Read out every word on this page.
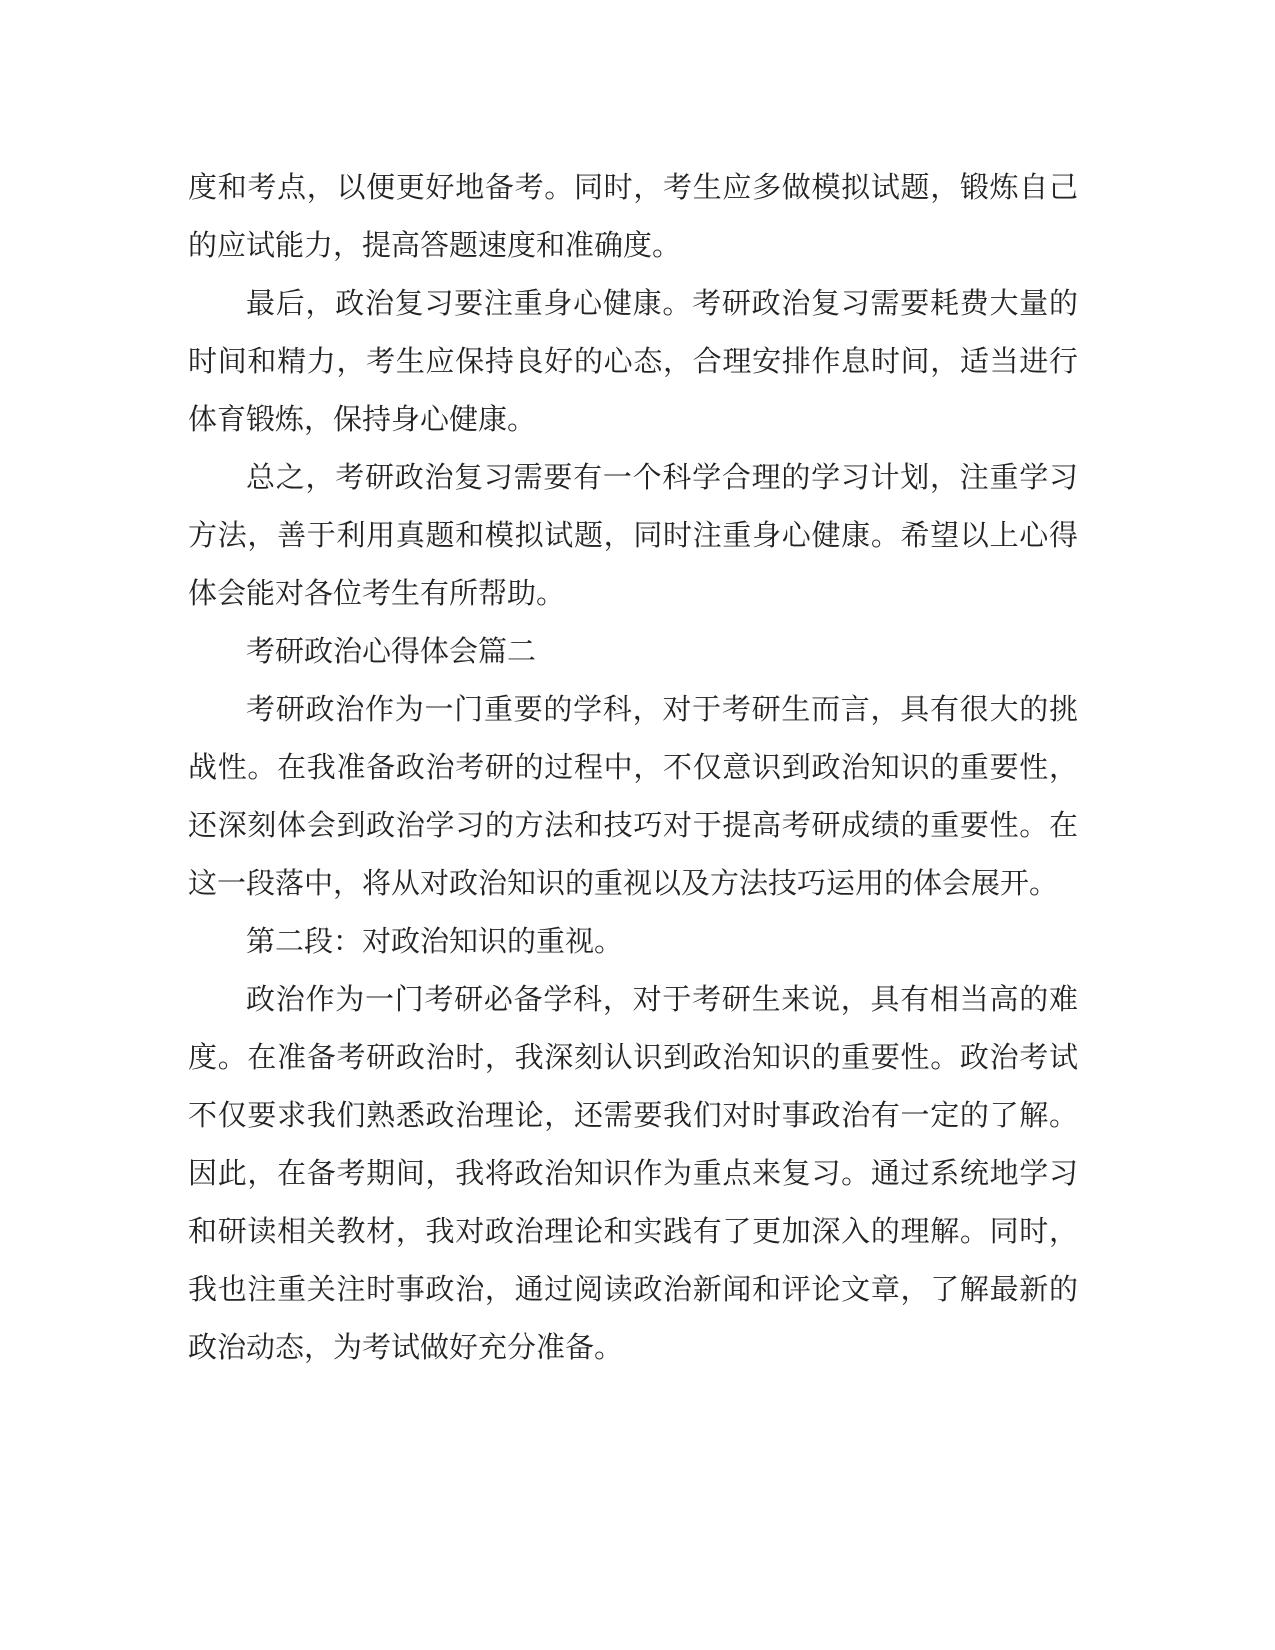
度和考点，以便更好地备考。同时，考生应多做模拟试题，锻炼自己的应试能力，提高答题速度和准确度。

最后，政治复习要注重身心健康。考研政治复习需要耗费大量的时间和精力，考生应保持良好的心态，合理安排作息时间，适当进行体育锻炼，保持身心健康。

总之，考研政治复习需要有一个科学合理的学习计划，注重学习方法，善于利用真题和模拟试题，同时注重身心健康。希望以上心得体会能对各位考生有所帮助。

考研政治心得体会篇二

考研政治作为一门重要的学科，对于考研生而言，具有很大的挑战性。在我准备政治考研的过程中，不仅意识到政治知识的重要性，还深刻体会到政治学习的方法和技巧对于提高考研成绩的重要性。在这一段落中，将从对政治知识的重视以及方法技巧运用的体会展开。

第二段：对政治知识的重视。

政治作为一门考研必备学科，对于考研生来说，具有相当高的难度。在准备考研政治时，我深刻认识到政治知识的重要性。政治考试不仅要求我们熟悉政治理论，还需要我们对时事政治有一定的了解。因此，在备考期间，我将政治知识作为重点来复习。通过系统地学习和研读相关教材，我对政治理论和实践有了更加深入的理解。同时，我也注重关注时事政治，通过阅读政治新闻和评论文章，了解最新的政治动态，为考试做好充分准备。
